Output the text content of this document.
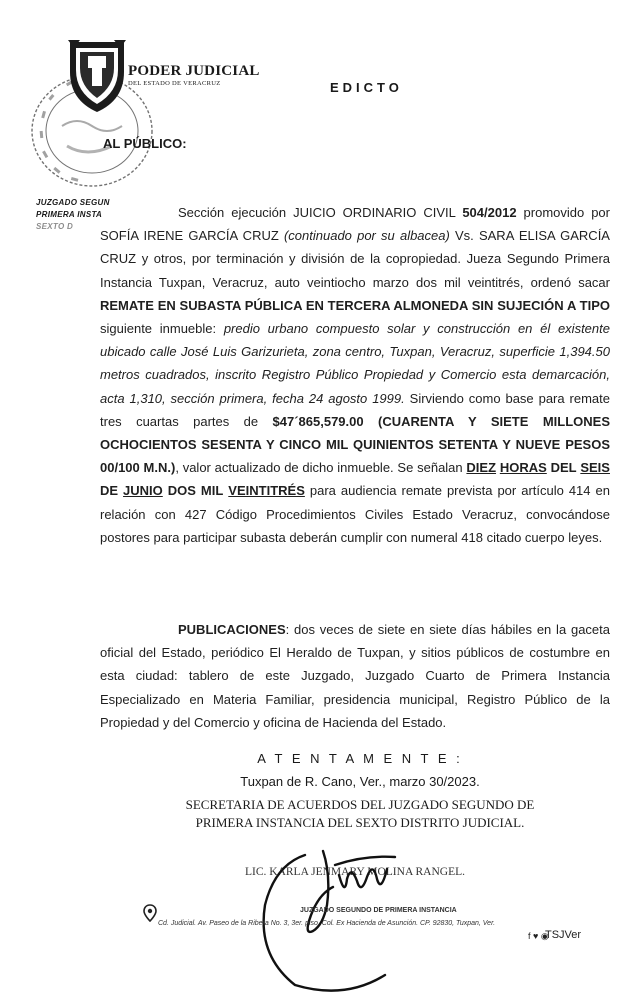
PODER JUDICIAL
DEL ESTADO DE VERACRUZ	EDICTO
AL PÚBLICO:
JUZGADO SEGUN
PRIMERA INSTA
SEXTO D
Sección ejecución JUICIO ORDINARIO CIVIL 504/2012 promovido por SOFÍA IRENE GARCÍA CRUZ (continuado por su albacea) Vs. SARA ELISA GARCÍA CRUZ y otros, por terminación y división de la copropiedad. Jueza Segundo Primera Instancia Tuxpan, Veracruz, auto veintiocho marzo dos mil veintitrés, ordenó sacar REMATE EN SUBASTA PÚBLICA EN TERCERA ALMONEDA SIN SUJECIÓN A TIPO siguiente inmueble: predio urbano compuesto solar y construcción en él existente ubicado calle José Luis Garizurieta, zona centro, Tuxpan, Veracruz, superficie 1,394.50 metros cuadrados, inscrito Registro Público Propiedad y Comercio esta demarcación, acta 1,310, sección primera, fecha 24 agosto 1999. Sirviendo como base para remate tres cuartas partes de $47´865,579.00 (CUARENTA Y SIETE MILLONES OCHOCIENTOS SESENTA Y CINCO MIL QUINIENTOS SETENTA Y NUEVE PESOS 00/100 M.N.), valor actualizado de dicho inmueble. Se señalan DIEZ HORAS DEL SEIS DE JUNIO DOS MIL VEINTITRÉS para audiencia remate prevista por artículo 414 en relación con 427 Código Procedimientos Civiles Estado Veracruz, convocándose postores para participar subasta deberán cumplir con numeral 418 citado cuerpo leyes.
PUBLICACIONES: dos veces de siete en siete días hábiles en la gaceta oficial del Estado, periódico El Heraldo de Tuxpan, y sitios públicos de costumbre en esta ciudad: tablero de este Juzgado, Juzgado Cuarto de Primera Instancia Especializado en Materia Familiar, presidencia municipal, Registro Público de la Propiedad y del Comercio y oficina de Hacienda del Estado.
A T E N T A M E N T E :
Tuxpan de R. Cano, Ver., marzo 30/2023.
SECRETARIA DE ACUERDOS DEL JUZGADO SEGUNDO DE
PRIMERA INSTANCIA DEL SEXTO DISTRITO JUDICIAL.
LIC. KARLA JENMARY MOLINA RANGEL.
JUZGADO SEGUNDO DE PRIMERA INSTANCIA
Cd. Judicial. Av. Paseo de la Ribera No. 3, 3er. piso. Col. Ex Hacienda de Asunción. CP. 92830, Tuxpan, Ver.
f ♥ ◉
TSJVer
